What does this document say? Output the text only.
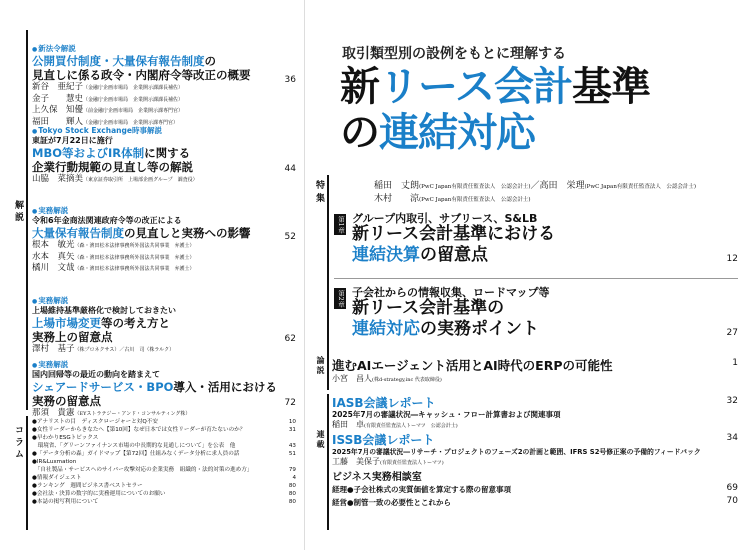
解説
コラム
● 新法令解説
公開買付制度・大量保有報告制度の
見直しに係る政令・内閣府令等改正の概要	36
新谷　亜紀子（金融庁企画市場局　企業開示課課長補佐）
金子　　慧史（金融庁企画市場局　企業開示課課長補佐）
上久保　知優（前金融庁企画市場局　企業開示課専門官）
福田　　輝人（金融庁企画市場局　企業開示課専門官）
● Tokyo Stock Exchange時事解説
東証が7月22日に施行
MBO等およびIR体制に関する
企業行動規範の見直し等の解説	44
山脇　菜摘美（東京証券取引所　上場部企画グループ　調査役）
● 実務解説
令和6年金商法関連政府令等の改正による
大量保有報告制度の見直しと実務への影響	52
根本　敏光（森・濱田松本法律事務所外国法共同事業　弁護士）
水本　真矢（森・濱田松本法律事務所外国法共同事業　弁護士）
橘川　文哉（森・濱田松本法律事務所外国法共同事業　弁護士）
● 実務解説
上場維持基準厳格化で検討しておきたい
上場市場変更等の考え方と
実務上の留意点	62
澤村　基子（株プロネクサス）／古川　司（株ラルク）
● 実務解説
国内回帰等の最近の動向を踏まえて
シェアードサービス・BPO導入・活用における
実務の留意点	72
那須　貴憲（EYストラテジー・アンド・コンサルティング株）
●アナリストの目　ディスクロージャーと対Q不安	10
●女性リーダーからきなたへ【第10回】なぜ日本では女性リーダーが育たないのか？	31
●早わかりESGトピックス
　環境省、「グリーンファイナンス市場の中長期的な見通しについて」を公表　他	43
●「データ分析の森」ガイドマップ【第72回】仕組みなくデータ分析に求人員の話	51
●IR&Luxmation
　「自社製品・サービスへのサイバー攻撃対応の企業実務　組織的・法的対策の進め方」	79
●情報ダイジェスト	4
●ランキング　週間ビジネス書ベストセラー	80
●会社法・決算の数字的に実務運用についてのお願い	80
●本誌の掲写利用について	80
取引類型別の設例をもとに理解する
新リース会計基準
の連結対応
特集	稲田　丈朗(PwC Japan有限責任監査法人　公認会計士)／高田　栄理(PwC Japan有限責任監査法人　公認会計士)
木村　　涼(PwC Japan有限責任監査法人　公認会計士)
第1章 グループ内取引、サブリース、S&LB
新リース会計基準における
連結決算の留意点	12
第2章 子会社からの情報収集、ロードマップ等
新リース会計基準の
連結対応の実務ポイント	27
論説 進むAIエージェント活用とAI時代のERPの可能性	1
小宮　昌人(株d-strategy,inc 代表取締役)
連載
IASB会議レポート	32
2025年7月の審議状況―キャッシュ・フロー計算書および関連事項
稲田　卓(有限責任監査法人トーマツ　公認会計士)
ISSB会議レポート	34
2025年7月の審議状況―リサーチ・プロジェクトのフェーズ2の計画と範囲、IFRS S2号修正案の予備的フィードバック
工藤　美保子(有限責任監査法人トーマツ)
ビジネス実務相談室
経理●子会社株式の実質価値を算定する際の留意事項	69
経営●制管一致の必要性とこれから	70
